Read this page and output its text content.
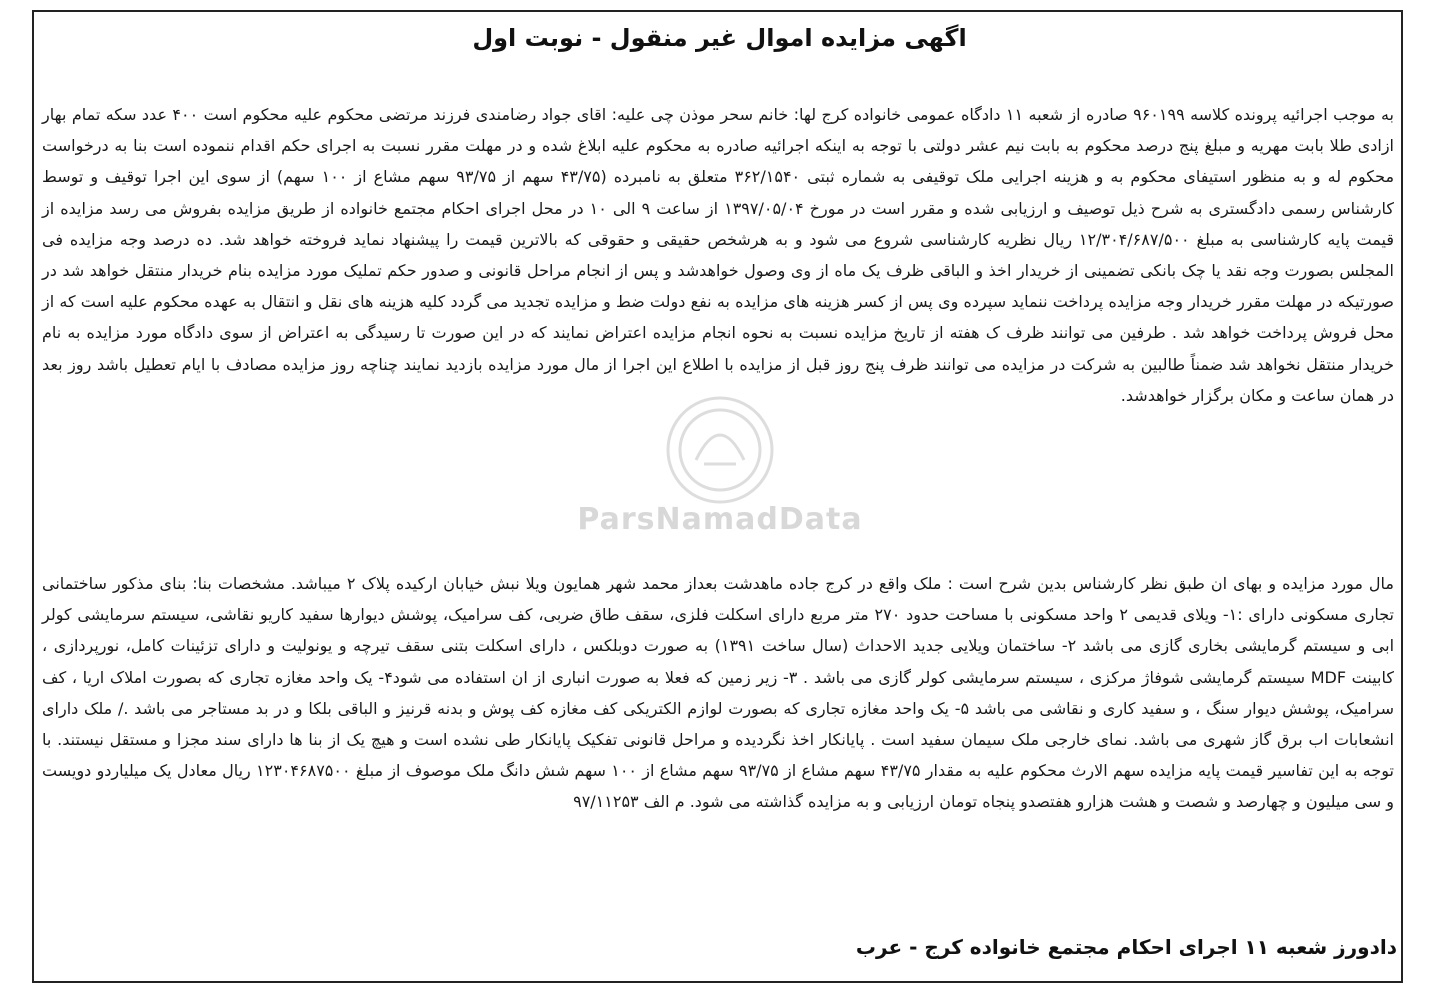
ParsNamadData
اگهی مزایده اموال غیر منقول - نوبت اول
به موجب اجرائیه پرونده کلاسه ۹۶۰۱۹۹ صادره از شعبه ۱۱ دادگاه عمومی خانواده کرج لها: خانم سحر موذن چی علیه: اقای جواد رضامندی فرزند مرتضی محکوم علیه محکوم است ۴۰۰ عدد سکه تمام بهار ازادی طلا بابت مهریه و مبلغ پنج درصد محکوم به بابت نیم عشر دولتی با توجه به اینکه اجرائیه صادره به محکوم علیه ابلاغ شده و در مهلت مقرر نسبت به اجرای حکم اقدام ننموده است بنا به درخواست محکوم له و به منظور استیفای محکوم به و هزینه اجرایی ملک توقیفی به شماره ثبتی ۳۶۲/۱۵۴۰ متعلق به نامبرده (۴۳/۷۵ سهم از ۹۳/۷۵ سهم مشاع از ۱۰۰ سهم) از سوی این اجرا توقیف و توسط کارشناس رسمی دادگستری به شرح ذیل توصیف و ارزیابی شده و مقرر است در مورخ ۱۳۹۷/۰۵/۰۴ از ساعت ۹ الی ۱۰ در محل اجرای احکام مجتمع خانواده از طریق مزایده بفروش می رسد مزایده از قیمت پایه کارشناسی به مبلغ ۱۲/۳۰۴/۶۸۷/۵۰۰ ریال نظریه کارشناسی شروع می شود و به هرشخص حقیقی و حقوقی که بالاترین قیمت را پیشنهاد نماید فروخته خواهد شد. ده درصد وجه مزایده فی المجلس بصورت وجه نقد یا چک بانکی تضمینی از خریدار اخذ و الباقی ظرف یک ماه از وی وصول خواهدشد و پس از انجام مراحل قانونی و صدور حکم تملیک مورد مزایده بنام خریدار منتقل خواهد شد در صورتیکه در مهلت مقرر خریدار وجه مزایده پرداخت ننماید سپرده وی پس از کسر هزینه های مزایده به نفع دولت ضط و مزایده تجدید می گردد کلیه هزینه های نقل و انتقال به عهده محکوم علیه است که از محل فروش پرداخت خواهد شد . طرفین می توانند ظرف ک هفته از تاریخ مزایده نسبت به نحوه انجام مزایده اعتراض نمایند که در این صورت تا رسیدگی به اعتراض از سوی دادگاه مورد مزایده به نام خریدار منتقل نخواهد شد ضمناً طالبین به شرکت در مزایده می توانند ظرف پنج روز قبل از مزایده با اطلاع این اجرا از مال مورد مزایده بازدید نمایند چناچه روز مزایده مصادف با ایام تعطیل باشد روز بعد در همان ساعت و مکان برگزار خواهدشد.
مال مورد مزایده و بهای ان طبق نظر کارشناس بدین شرح است : ملک واقع در کرج جاده ماهدشت بعداز محمد شهر همایون ویلا نبش خیابان ارکیده پلاک ۲ میباشد. مشخصات بنا: بنای مذکور ساختمانی تجاری مسکونی دارای :۱- ویلای قدیمی ۲ واحد مسکونی با مساحت حدود ۲۷۰ متر مربع دارای اسکلت فلزی، سقف طاق ضربی، کف سرامیک، پوشش دیوارها سفید کاریو نقاشی، سیستم سرمایشی کولر ابی و سیستم گرمایشی بخاری گازی می باشد ۲- ساختمان ویلایی جدید الاحداث (سال ساخت ۱۳۹۱) به صورت دوبلکس ، دارای اسکلت بتنی سقف تیرچه و یونولیت و دارای تزئینات کامل، نورپردازی ، کابینت MDF سیستم گرمایشی شوفاژ مرکزی ، سیستم سرمایشی کولر گازی می باشد . ۳- زیر زمین که فعلا به صورت انباری از ان استفاده می شود۴- یک واحد مغازه تجاری که بصورت املاک اریا ، کف سرامیک، پوشش دیوار سنگ ، و سفید کاری و نقاشی می باشد ۵- یک واحد مغازه تجاری که بصورت لوازم الکتریکی کف مغازه کف پوش و بدنه قرنیز و الباقی بلکا و در بد مستاجر می باشد ./ ملک دارای انشعابات اب برق گاز شهری می باشد. نمای خارجی ملک سیمان سفید است . پایانکار اخذ نگردیده و مراحل قانونی تفکیک پایانکار طی نشده است و هیچ یک از بنا ها دارای سند مجزا و مستقل نیستند. با توجه به این تفاسیر قیمت پایه مزایده سهم الارث محکوم علیه به مقدار ۴۳/۷۵ سهم مشاع از ۹۳/۷۵ سهم مشاع از ۱۰۰ سهم شش دانگ ملک موصوف از مبلغ ۱۲۳۰۴۶۸۷۵۰۰ ریال معادل یک میلیاردو دویست و سی میلیون و چهارصد و شصت و هشت هزارو هفتصدو پنجاه تومان ارزیابی و به مزایده گذاشته می شود. م الف ۹۷/۱۱۲۵۳
دادورز شعبه ۱۱ اجرای احکام مجتمع خانواده کرج - عرب
